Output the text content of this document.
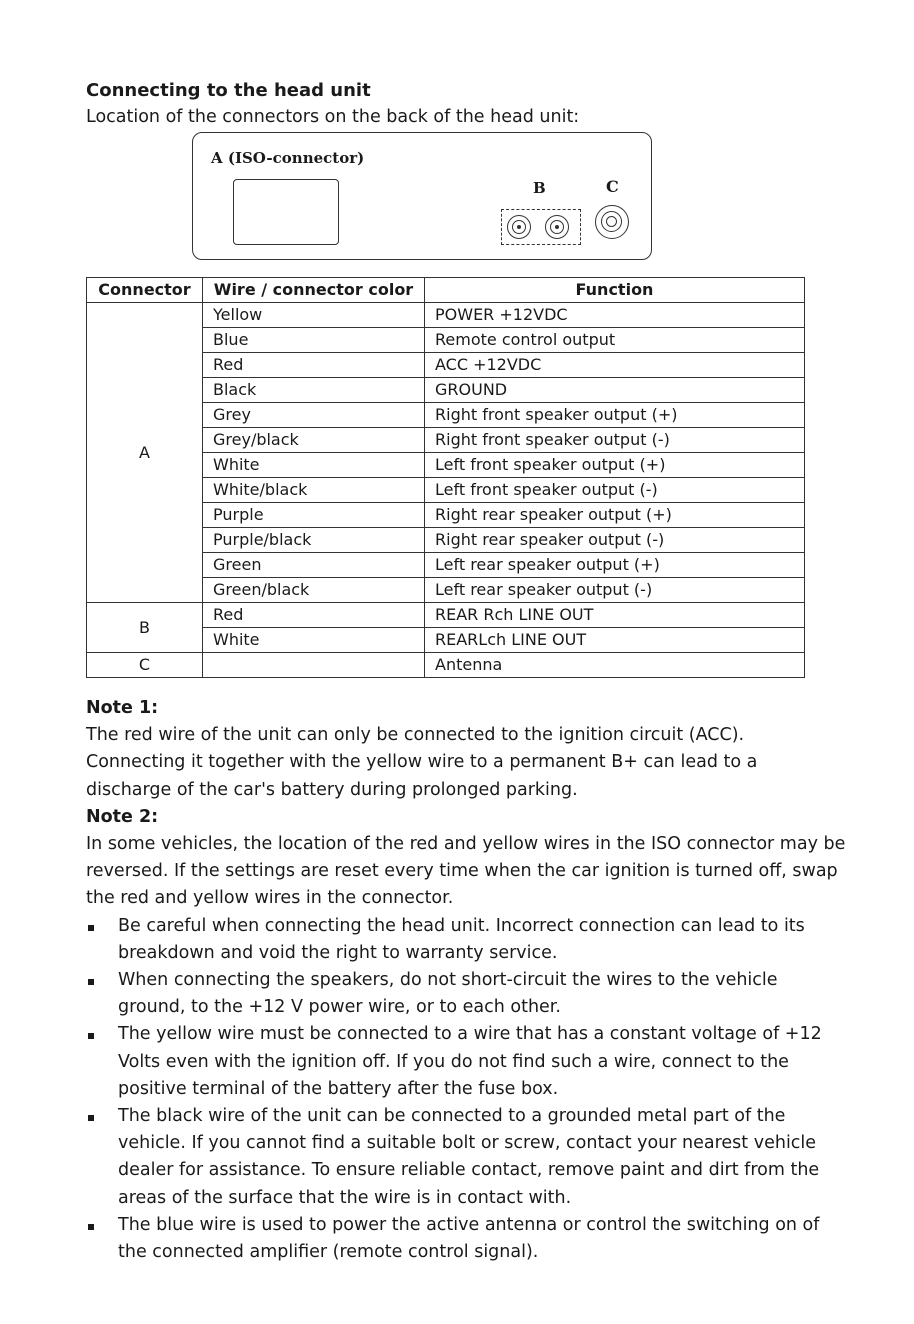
Connecting to the head unit
Location of the connectors on the back of the head unit:
A (ISO-connector)
B	C
Connector	Wire / connector color	Function
A	Yellow	POWER +12VDC
	Blue	Remote control output
	Red	ACC +12VDC
	Black	GROUND
	Grey	Right front speaker output (+)
	Grey/black	Right front speaker output (-)
	White	Left front speaker output (+)
	White/black	Left front speaker output (-)
	Purple	Right rear speaker output (+)
	Purple/black	Right rear speaker output (-)
	Green	Left rear speaker output (+)
	Green/black	Left rear speaker output (-)
B	Red	REAR Rch LINE OUT
	White	REARLch LINE OUT
C		Antenna

Note 1:

The red wire of the unit can only be connected to the ignition circuit (ACC). Connecting it together with the yellow wire to a permanent B+ can lead to a discharge of the car's battery during prolonged parking.

Note 2:

In some vehicles, the location of the red and yellow wires in the ISO connector may be reversed. If the settings are reset every time when the car ignition is turned off, swap the red and yellow wires in the connector.

Be careful when connecting the head unit. Incorrect connection can lead to its breakdown and void the right to warranty service.
When connecting the speakers, do not short-circuit the wires to the vehicle ground, to the +12 V power wire, or to each other.
The yellow wire must be connected to a wire that has a constant voltage of +12 Volts even with the ignition off. If you do not find such a wire, connect to the positive terminal of the battery after the fuse box.
The black wire of the unit can be connected to a grounded metal part of the vehicle. If you cannot find a suitable bolt or screw, contact your nearest vehicle dealer for assistance. To ensure reliable contact, remove paint and dirt from the areas of the surface that the wire is in contact with.
The blue wire is used to power the active antenna or control the switching on of the connected amplifier (remote control signal).
